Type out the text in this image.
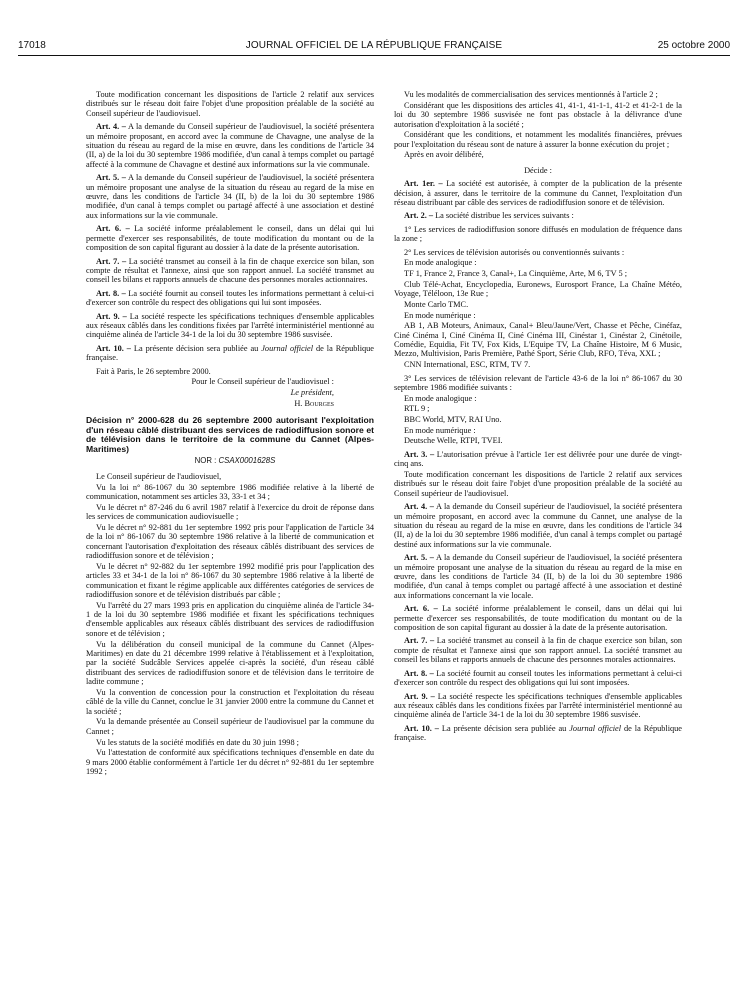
17018	JOURNAL OFFICIEL DE LA RÉPUBLIQUE FRANÇAISE	25 octobre 2000

Toute modification concernant les dispositions de l'article 2 relatif aux services distribués sur le réseau doit faire l'objet d'une proposition préalable de la société au Conseil supérieur de l'audiovisuel.

Art. 4. – A la demande du Conseil supérieur de l'audiovisuel, la société présentera un mémoire proposant, en accord avec la commune de Chavagne, une analyse de la situation du réseau au regard de la mise en œuvre, dans les conditions de l'article 34 (II, a) de la loi du 30 septembre 1986 modifiée, d'un canal à temps complet ou partagé affecté à la commune de Chavagne et destiné aux informations sur la vie communale.

Art. 5. – A la demande du Conseil supérieur de l'audiovisuel, la société présentera un mémoire proposant une analyse de la situation du réseau au regard de la mise en œuvre, dans les conditions de l'article 34 (II, b) de la loi du 30 septembre 1986 modifiée, d'un canal à temps complet ou partagé affecté à une association et destiné aux informations sur la vie communale.

Art. 6. – La société informe préalablement le conseil, dans un délai qui lui permette d'exercer ses responsabilités, de toute modification du montant ou de la composition de son capital figurant au dossier à la date de la présente autorisation.

Art. 7. – La société transmet au conseil à la fin de chaque exercice son bilan, son compte de résultat et l'annexe, ainsi que son rapport annuel. La société transmet au conseil les bilans et rapports annuels de chacune des personnes morales actionnaires.

Art. 8. – La société fournit au conseil toutes les informations permettant à celui-ci d'exercer son contrôle du respect des obligations qui lui sont imposées.

Art. 9. – La société respecte les spécifications techniques d'ensemble applicables aux réseaux câblés dans les conditions fixées par l'arrêté interministériel mentionné au cinquième alinéa de l'article 34-1 de la loi du 30 septembre 1986 susvisée.

Art. 10. – La présente décision sera publiée au Journal officiel de la République française.

Fait à Paris, le 26 septembre 2000.

Pour le Conseil supérieur de l'audiovisuel :

Le président,

H. Bourges

Décision n° 2000-628 du 26 septembre 2000 autorisant l'exploitation d'un réseau câblé distribuant des services de radiodiffusion sonore et de télévision dans le territoire de la commune du Cannet (Alpes-Maritimes)

NOR : CSAX0001628S

Le Conseil supérieur de l'audiovisuel,

Vu la loi n° 86-1067 du 30 septembre 1986 modifiée relative à la liberté de communication, notamment ses articles 33, 33-1 et 34 ;

Vu le décret n° 87-246 du 6 avril 1987 relatif à l'exercice du droit de réponse dans les services de communication audiovisuelle ;

Vu le décret n° 92-881 du 1er septembre 1992 pris pour l'application de l'article 34 de la loi n° 86-1067 du 30 septembre 1986 relative à la liberté de communication et concernant l'autorisation d'exploitation des réseaux câblés distribuant des services de radiodiffusion sonore et de télévision ;

Vu le décret n° 92-882 du 1er septembre 1992 modifié pris pour l'application des articles 33 et 34-1 de la loi n° 86-1067 du 30 septembre 1986 relative à la liberté de communication et fixant le régime applicable aux différentes catégories de services de radiodiffusion sonore et de télévision distribués par câble ;

Vu l'arrêté du 27 mars 1993 pris en application du cinquième alinéa de l'article 34-1 de la loi du 30 septembre 1986 modifiée et fixant les spécifications techniques d'ensemble applicables aux réseaux câblés distribuant des services de radiodiffusion sonore et de télévision ;

Vu la délibération du conseil municipal de la commune du Cannet (Alpes-Maritimes) en date du 21 décembre 1999 relative à l'établissement et à l'exploitation, par la société Sudcâble Services appelée ci-après la société, d'un réseau câblé distribuant des services de radiodiffusion sonore et de télévision dans le territoire de ladite commune ;

Vu la convention de concession pour la construction et l'exploitation du réseau câblé de la ville du Cannet, conclue le 31 janvier 2000 entre la commune du Cannet et la société ;

Vu la demande présentée au Conseil supérieur de l'audiovisuel par la commune du Cannet ;

Vu les statuts de la société modifiés en date du 30 juin 1998 ;

Vu l'attestation de conformité aux spécifications techniques d'ensemble en date du 9 mars 2000 établie conformément à l'article 1er du décret n° 92-881 du 1er septembre 1992 ;

Vu les modalités de commercialisation des services mentionnés à l'article 2 ;

Considérant que les dispositions des articles 41, 41-1, 41-1-1, 41-2 et 41-2-1 de la loi du 30 septembre 1986 susvisée ne font pas obstacle à la délivrance d'une autorisation d'exploitation à la société ;

Considérant que les conditions, et notamment les modalités financières, prévues pour l'exploitation du réseau sont de nature à assurer la bonne exécution du projet ;

Après en avoir délibéré,

Décide :

Art. 1er. – La société est autorisée, à compter de la publication de la présente décision, à assurer, dans le territoire de la commune du Cannet, l'exploitation d'un réseau distribuant par câble des services de radiodiffusion sonore et de télévision.

Art. 2. – La société distribue les services suivants :

1° Les services de radiodiffusion sonore diffusés en modulation de fréquence dans la zone ;

2° Les services de télévision autorisés ou conventionnés suivants :

En mode analogique :

TF 1, France 2, France 3, Canal+, La Cinquième, Arte, M 6, TV 5 ;

Club Télé-Achat, Encyclopedia, Euronews, Eurosport France, La Chaîne Météo, Voyage, Téléloon, 13e Rue ;

Monte Carlo TMC.

En mode numérique :

AB 1, AB Moteurs, Animaux, Canal+ Bleu/Jaune/Vert, Chasse et Pêche, Cinéfaz, Ciné Cinéma I, Ciné Cinéma II, Ciné Cinéma III, Cinéstar 1, Cinéstar 2, Cinétoile, Comédie, Equidia, Fit TV, Fox Kids, L'Equipe TV, La Chaîne Histoire, M 6 Music, Mezzo, Multivision, Paris Première, Pathé Sport, Série Club, RFO, Téva, XXL ;

CNN International, ESC, RTM, TV 7.

3° Les services de télévision relevant de l'article 43-6 de la loi n° 86-1067 du 30 septembre 1986 modifiée suivants :

En mode analogique :

RTL 9 ;

BBC World, MTV, RAI Uno.

En mode numérique :

Deutsche Welle, RTPI, TVEI.

Art. 3. – L'autorisation prévue à l'article 1er est délivrée pour une durée de vingt-cinq ans.

Toute modification concernant les dispositions de l'article 2 relatif aux services distribués sur le réseau doit faire l'objet d'une proposition préalable de la société au Conseil supérieur de l'audiovisuel.

Art. 4. – A la demande du Conseil supérieur de l'audiovisuel, la société présentera un mémoire proposant, en accord avec la commune du Cannet, une analyse de la situation du réseau au regard de la mise en œuvre, dans les conditions de l'article 34 (II, a) de la loi du 30 septembre 1986 modifiée, d'un canal à temps complet ou partagé destiné aux informations sur la vie communale.

Art. 5. – A la demande du Conseil supérieur de l'audiovisuel, la société présentera un mémoire proposant une analyse de la situation du réseau au regard de la mise en œuvre, dans les conditions de l'article 34 (II, b) de la loi du 30 septembre 1986 modifiée, d'un canal à temps complet ou partagé affecté à une association et destiné aux informations concernant la vie locale.

Art. 6. – La société informe préalablement le conseil, dans un délai qui lui permette d'exercer ses responsabilités, de toute modification du montant ou de la composition de son capital figurant au dossier à la date de la présente autorisation.

Art. 7. – La société transmet au conseil à la fin de chaque exercice son bilan, son compte de résultat et l'annexe ainsi que son rapport annuel. La société transmet au conseil les bilans et rapports annuels de chacune des personnes morales actionnaires.

Art. 8. – La société fournit au conseil toutes les informations permettant à celui-ci d'exercer son contrôle du respect des obligations qui lui sont imposées.

Art. 9. – La société respecte les spécifications techniques d'ensemble applicables aux réseaux câblés dans les conditions fixées par l'arrêté interministériel mentionné au cinquième alinéa de l'article 34-1 de la loi du 30 septembre 1986 susvisée.

Art. 10. – La présente décision sera publiée au Journal officiel de la République française.
